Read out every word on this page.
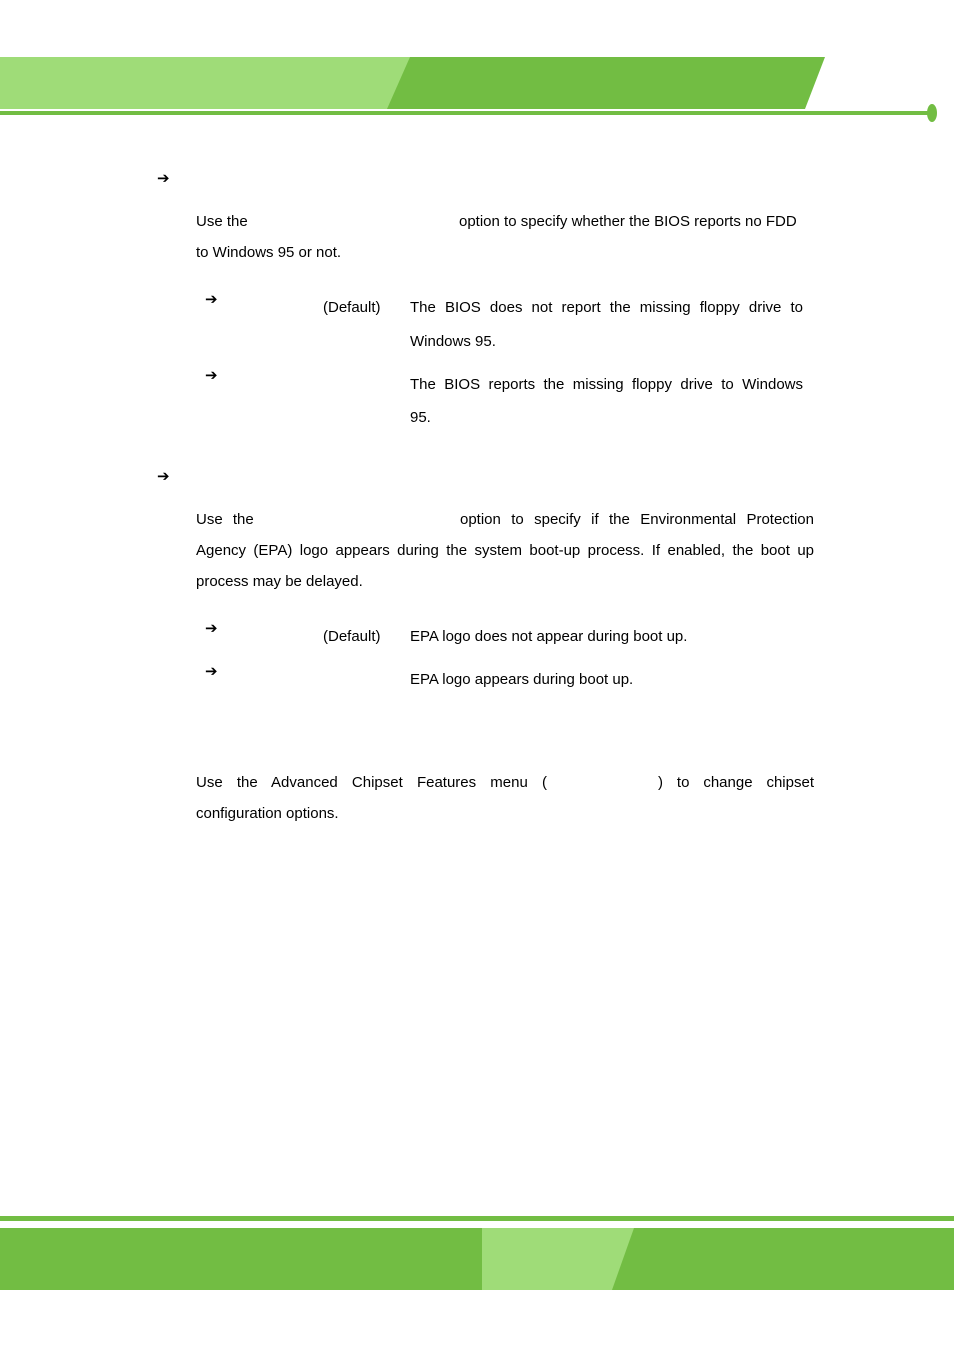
➔
Use the	option to specify whether the BIOS reports no FDD
to Windows 95 or not.
➔	(Default) The BIOS does not report the missing floppy drive to
Windows 95.
➔
The BIOS reports the missing floppy drive to Windows
95.
➔
Use the	option to specify if the Environmental Protection
Agency (EPA) logo appears during the system boot-up process. If enabled, the boot up
process may be delayed.
➔	(Default) EPA logo does not appear during boot up.
➔	EPA logo appears during boot up.
Use the Advanced Chipset Features menu (	) to change chipset
configuration options.
